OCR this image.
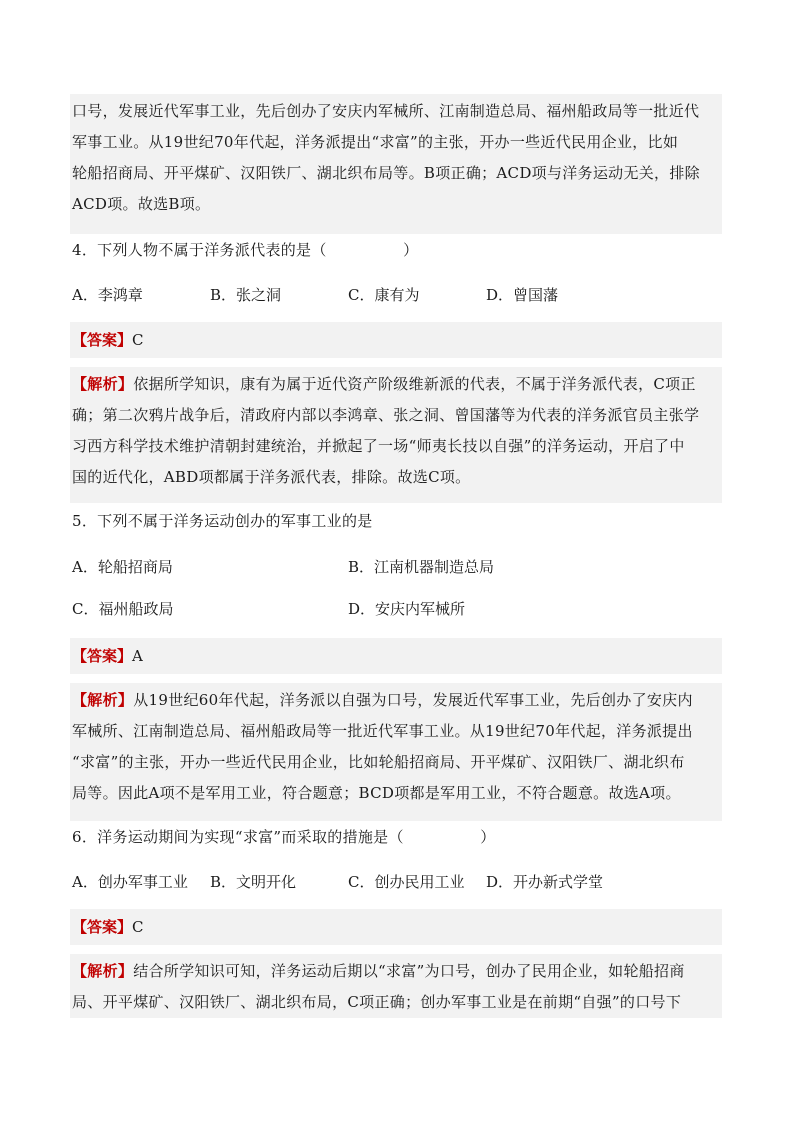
口号，发展近代军事工业，先后创办了安庆内军械所、江南制造总局、福州船政局等一批近代

军事工业。从19世纪70年代起，洋务派提出“求富”的主张，开办一些近代民用企业，比如

轮船招商局、开平煤矿、汉阳铁厂、湖北织布局等。B项正确；ACD项与洋务运动无关，排除

ACD项。故选B项。

4．下列人物不属于洋务派代表的是（　　　　　）
A．李鸿章	B．张之洞	C．康有为	D．曾国藩
【答案】C

【解析】依据所学知识，康有为属于近代资产阶级维新派的代表，不属于洋务派代表，C项正

确；第二次鸦片战争后，清政府内部以李鸿章、张之洞、曾国藩等为代表的洋务派官员主张学

习西方科学技术维护清朝封建统治，并掀起了一场“师夷长技以自强”的洋务运动，开启了中

国的近代化，ABD项都属于洋务派代表，排除。故选C项。

5．下列不属于洋务运动创办的军事工业的是
A．轮船招商局	B．江南机器制造总局
C．福州船政局	D．安庆内军械所
【答案】A

【解析】从19世纪60年代起，洋务派以自强为口号，发展近代军事工业，先后创办了安庆内

军械所、江南制造总局、福州船政局等一批近代军事工业。从19世纪70年代起，洋务派提出

“求富”的主张，开办一些近代民用企业，比如轮船招商局、开平煤矿、汉阳铁厂、湖北织布

局等。因此A项不是军用工业，符合题意；BCD项都是军用工业，不符合题意。故选A项。

6．洋务运动期间为实现“求富”而采取的措施是（　　　　　）
A．创办军事工业 B．文明开化	C．创办民用工业 D．开办新式学堂
【答案】C

【解析】结合所学知识可知，洋务运动后期以“求富”为口号，创办了民用企业，如轮船招商

局、开平煤矿、汉阳铁厂、湖北织布局，C项正确；创办军事工业是在前期“自强”的口号下
